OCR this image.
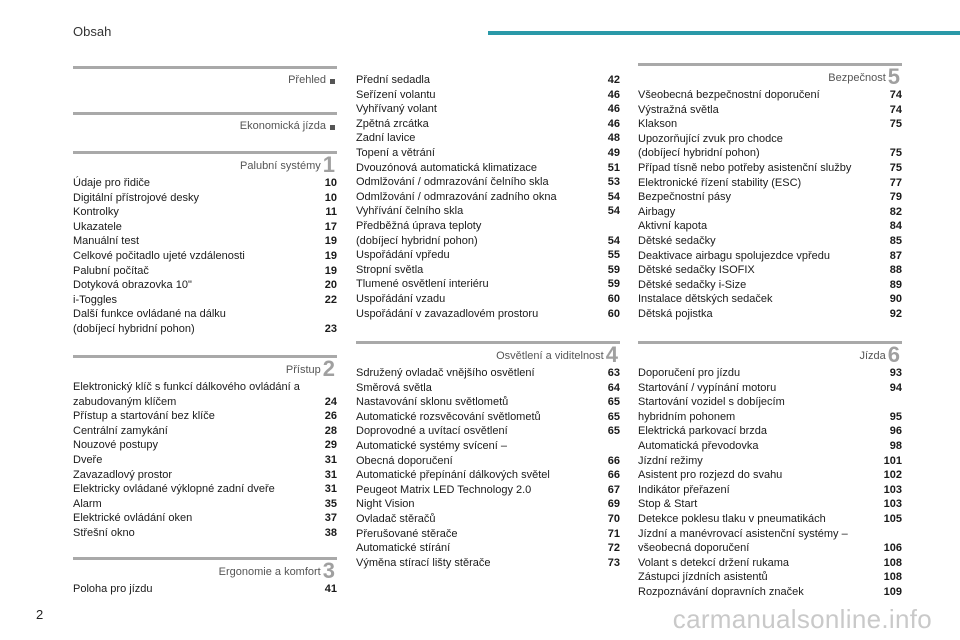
Obsah
Přehled
Ekonomická jízda
Palubní systémy1
Údaje pro řidiče	10
Digitální přístrojové desky	10
Kontrolky	11
Ukazatele	17
Manuální test	19
Celkové počitadlo ujeté vzdálenosti	19
Palubní počítač	19
Dotyková obrazovka 10"	20
i-Toggles	22
Další funkce ovládané na dálku
(dobíjecí hybridní pohon)	23
Přístup2
Elektronický klíč s funkcí dálkového ovládání a
zabudovaným klíčem	24
Přístup a startování bez klíče	26
Centrální zamykání	28
Nouzové postupy	29
Dveře	31
Zavazadlový prostor	31
Elektricky ovládané výklopné zadní dveře	31
Alarm	35
Elektrické ovládání oken	37
Střešní okno	38
Ergonomie a komfort3
Poloha pro jízdu	41
Přední sedadla	42
Seřízení volantu	46
Vyhřívaný volant	46
Zpětná zrcátka	46
Zadní lavice	48
Topení a větrání	49
Dvouzónová automatická klimatizace	51
Odmlžování / odmrazování čelního skla	53
Odmlžování / odmrazování zadního okna	54
Vyhřívání čelního skla	54
Předběžná úprava teploty
(dobíjecí hybridní pohon)	54
Uspořádání vpředu	55
Stropní světla	59
Tlumené osvětlení interiéru	59
Uspořádání vzadu	60
Uspořádání v zavazadlovém prostoru	60
Osvětlení a viditelnost4
Sdružený ovladač vnějšího osvětlení	63
Směrová světla	64
Nastavování sklonu světlometů	65
Automatické rozsvěcování světlometů	65
Doprovodné a uvítací osvětlení	65
Automatické systémy svícení –
Obecná doporučení	66
Automatické přepínání dálkových světel	66
Peugeot Matrix LED Technology 2.0	67
Night Vision	69
Ovladač stěračů	70
Přerušované stěrače	71
Automatické stírání	72
Výměna stírací lišty stěrače	73
Bezpečnost5
Všeobecná bezpečnostní doporučení	74
Výstražná světla	74
Klakson	75
Upozorňující zvuk pro chodce
(dobíjecí hybridní pohon)	75
Případ tísně nebo potřeby asistenční služby	75
Elektronické řízení stability (ESC)	77
Bezpečnostní pásy	79
Airbagy	82
Aktivní kapota	84
Dětské sedačky	85
Deaktivace airbagu spolujezdce vpředu	87
Dětské sedačky ISOFIX	88
Dětské sedačky i-Size	89
Instalace dětských sedaček	90
Dětská pojistka	92
Jízda6
Doporučení pro jízdu	93
Startování / vypínání motoru	94
Startování vozidel s dobíjecím
hybridním pohonem	95
Elektrická parkovací brzda	96
Automatická převodovka	98
Jízdní režimy	101
Asistent pro rozjezd do svahu	102
Indikátor přeřazení	103
Stop & Start	103
Detekce poklesu tlaku v pneumatikách	105
Jízdní a manévrovací asistenční systémy –
všeobecná doporučení	106
Volant s detekcí držení rukama	108
Zástupci jízdních asistentů	108
Rozpoznávání dopravních značek	109
2	carmanualsonline.info
